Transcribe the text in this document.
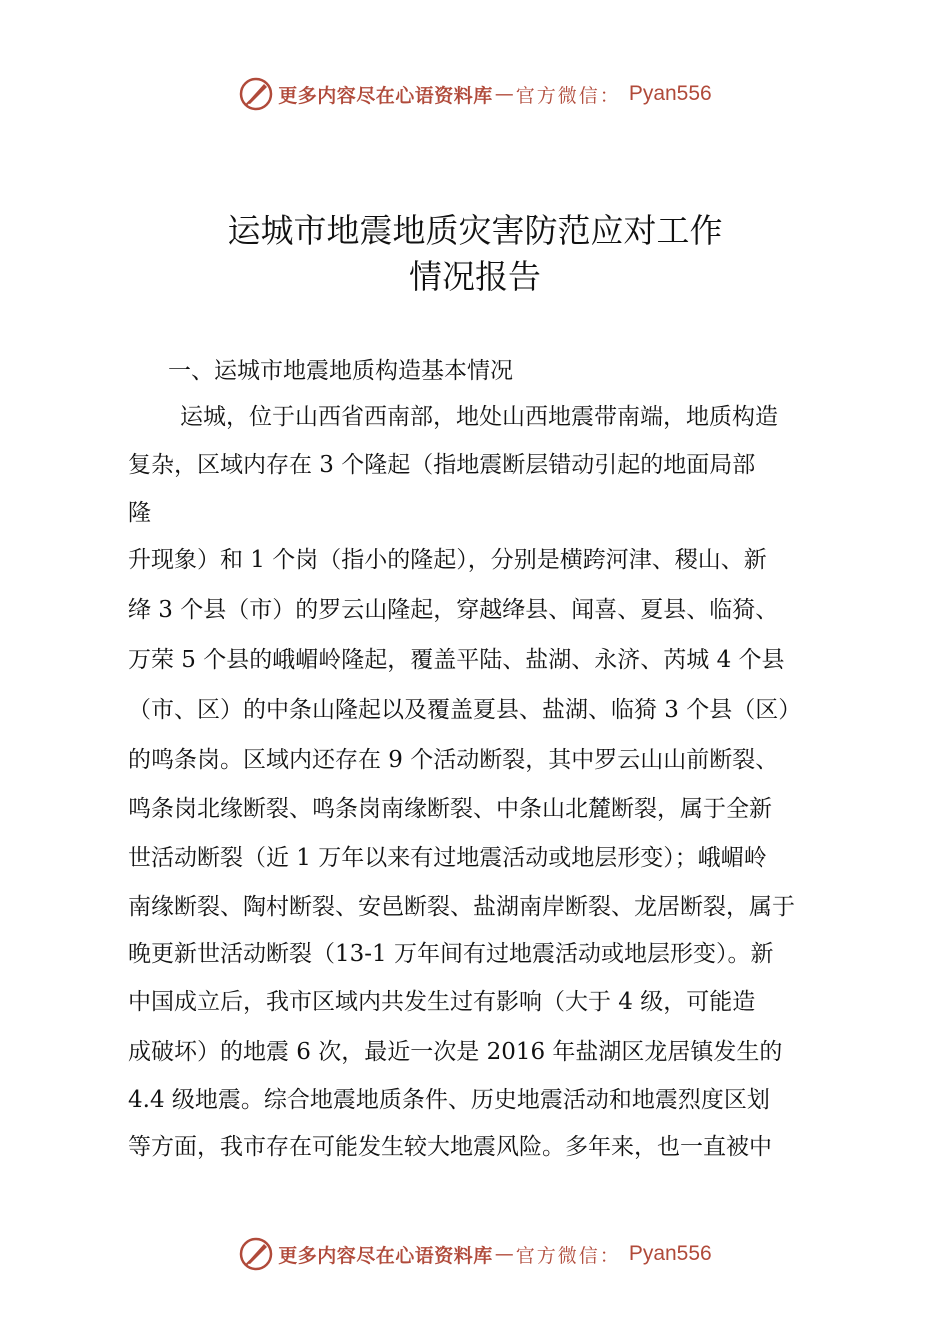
更多内容尽在心语资料库 — 官方微信： Pyan556
运城市地震地质灾害防范应对工作
情况报告
一、运城市地震地质构造基本情况
运城，位于山西省西南部，地处山西地震带南端，地质构造
复杂，区域内存在 3 个隆起（指地震断层错动引起的地面局部
隆
升现象）和 1 个岗（指小的隆起），分别是横跨河津、稷山、新
绛 3 个县（市）的罗云山隆起，穿越绛县、闻喜、夏县、临猗、
万荣 5 个县的峨嵋岭隆起，覆盖平陆、盐湖、永济、芮城 4 个县
（市、区）的中条山隆起以及覆盖夏县、盐湖、临猗 3 个县（区）
的鸣条岗。区域内还存在 9 个活动断裂，其中罗云山山前断裂、
鸣条岗北缘断裂、鸣条岗南缘断裂、中条山北麓断裂，属于全新
世活动断裂（近 1 万年以来有过地震活动或地层形变）；峨嵋岭
南缘断裂、陶村断裂、安邑断裂、盐湖南岸断裂、龙居断裂，属于
晚更新世活动断裂（13-1 万年间有过地震活动或地层形变）。新
中国成立后，我市区域内共发生过有影响（大于 4 级，可能造
成破坏）的地震 6 次，最近一次是 2016 年盐湖区龙居镇发生的
4.4 级地震。综合地震地质条件、历史地震活动和地震烈度区划
等方面，我市存在可能发生较大地震风险。多年来，也一直被中
更多内容尽在心语资料库 — 官方微信： Pyan556
